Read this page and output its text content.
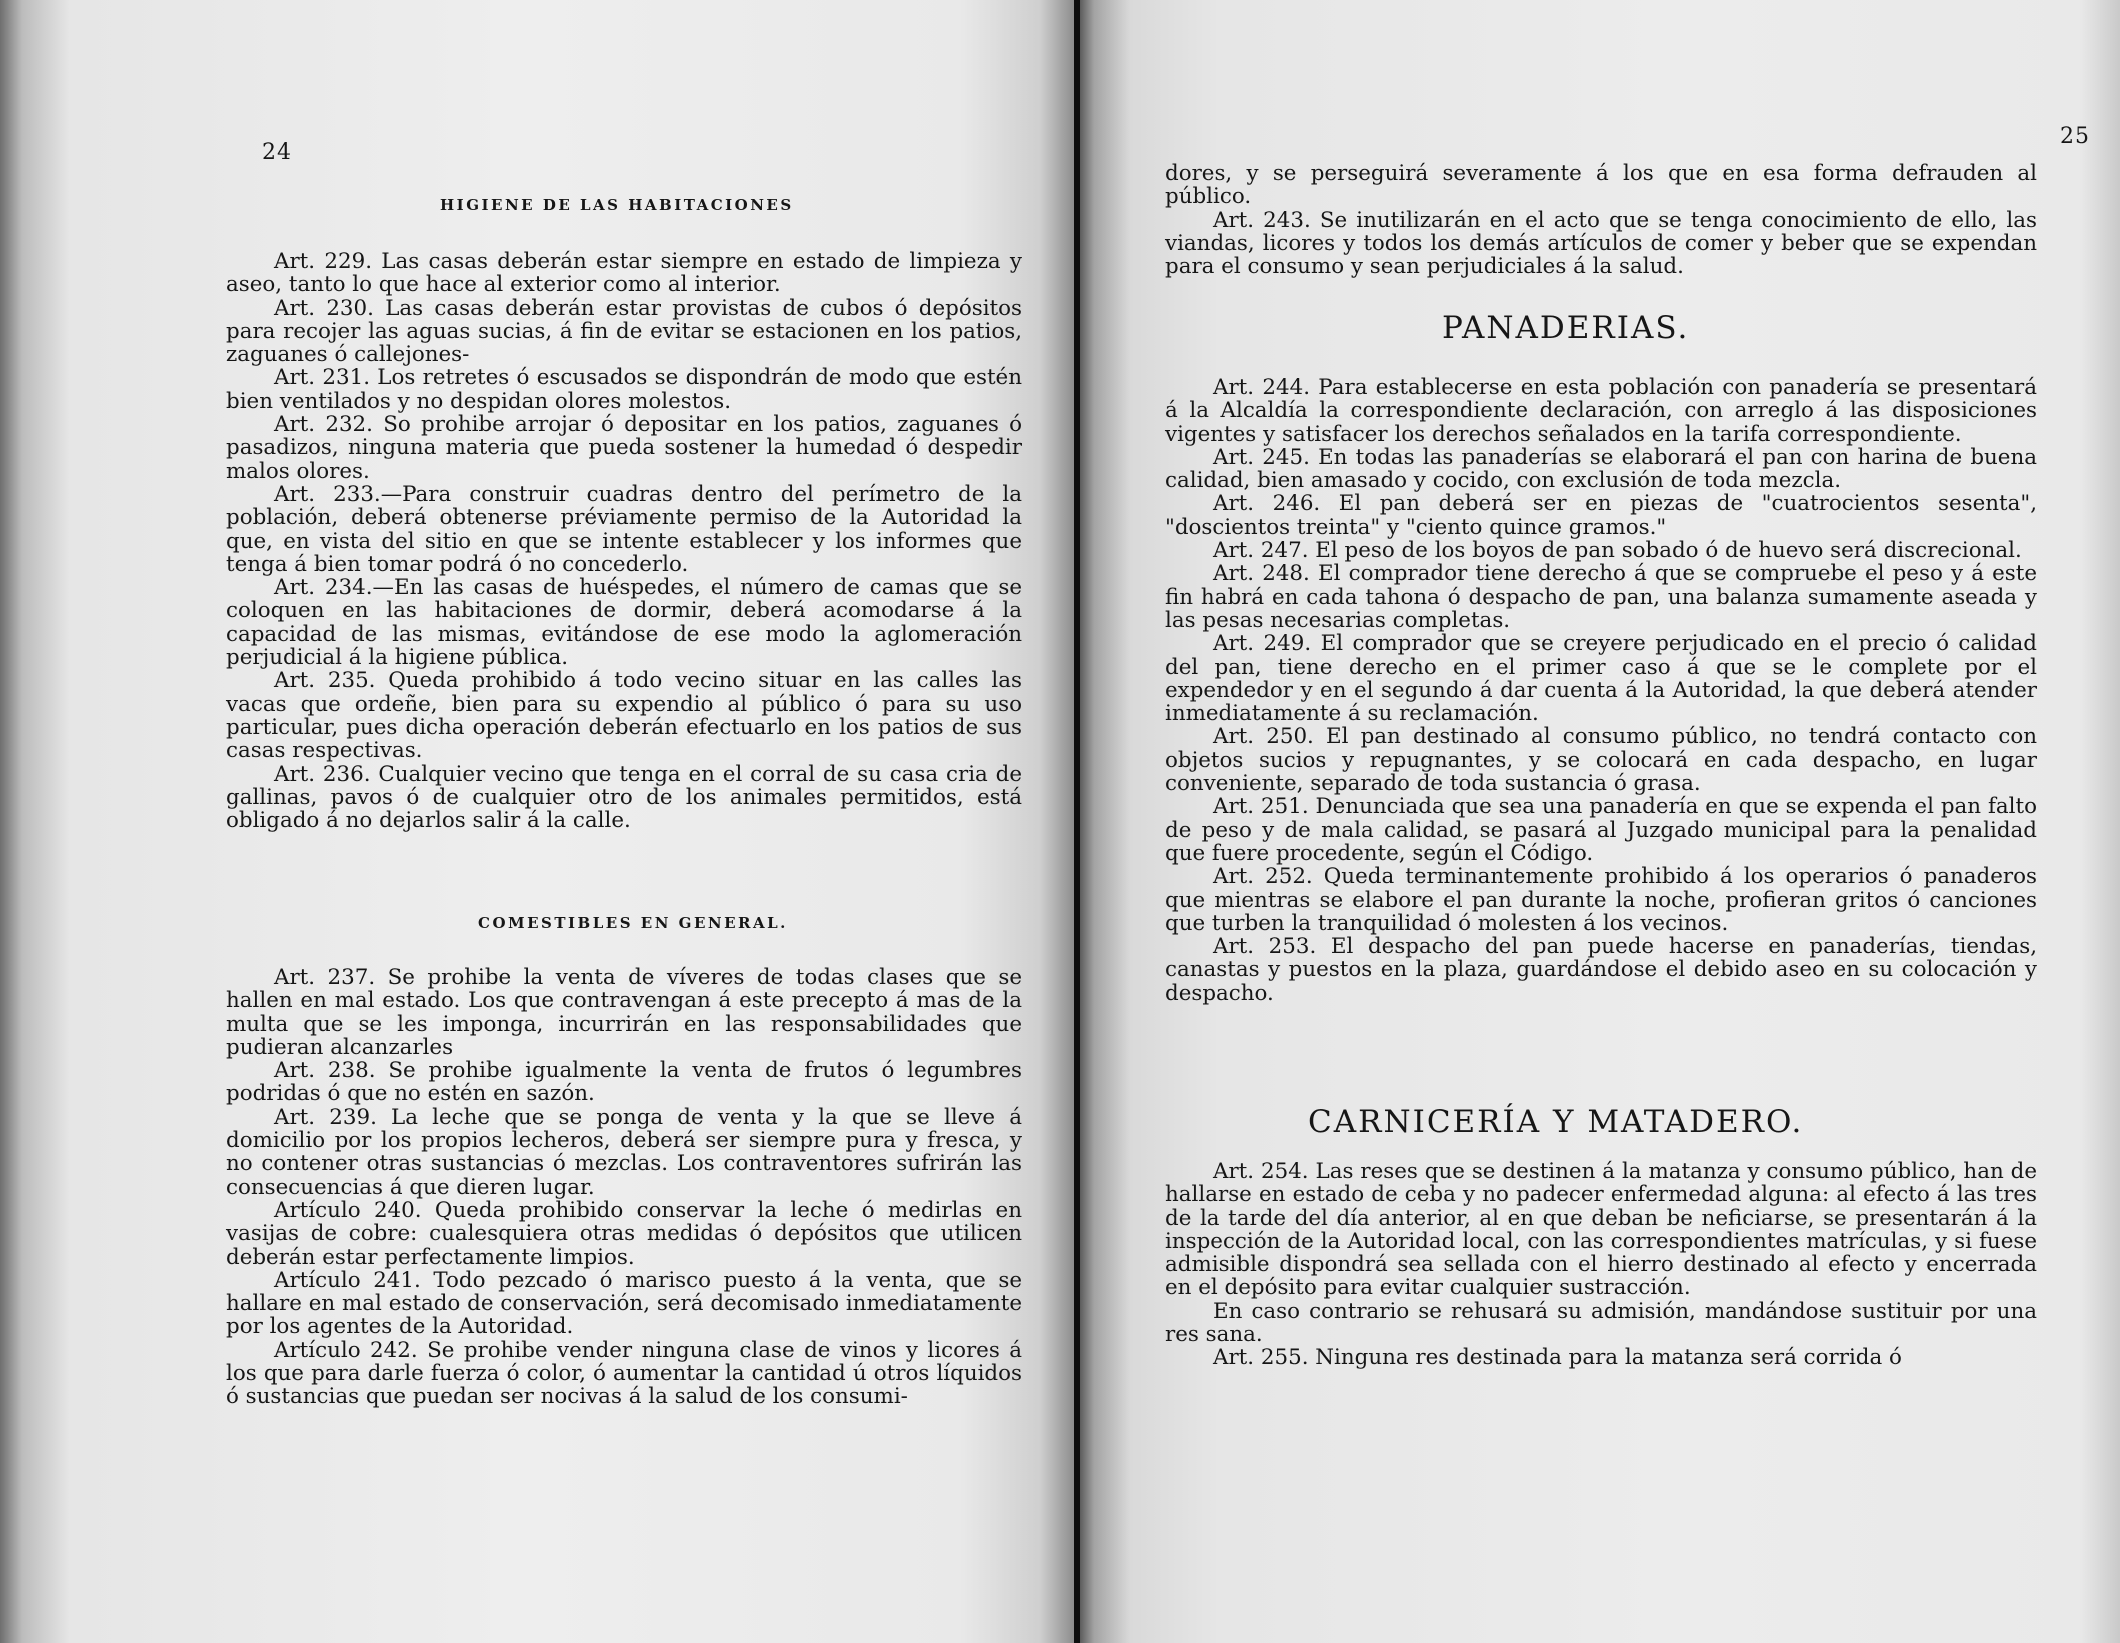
24
HIGIENE DE LAS HABITACIONES

Art. 229. Las casas deberán estar siempre en estado de limpieza y aseo, tanto lo que hace al exterior como al interior.

Art. 230. Las casas deberán estar provistas de cubos ó depósitos para recojer las aguas sucias, á fin de evitar se estacionen en los patios, zaguanes ó callejones-

Art. 231. Los retretes ó escusados se dispondrán de modo que estén bien ventilados y no despidan olores molestos.

Art. 232. So prohibe arrojar ó depositar en los patios, zaguanes ó pasadizos, ninguna materia que pueda sostener la humedad ó despedir malos olores.

Art. 233.—Para construir cuadras dentro del perímetro de la población, deberá obtenerse préviamente permiso de la Autoridad la que, en vista del sitio en que se intente establecer y los informes que tenga á bien tomar podrá ó no concederlo.

Art. 234.—En las casas de huéspedes, el número de camas que se coloquen en las habitaciones de dormir, deberá acomodarse á la capacidad de las mismas, evitándose de ese modo la aglomeración perjudicial á la higiene pública.

Art. 235. Queda prohibido á todo vecino situar en las calles las vacas que ordeñe, bien para su expendio al público ó para su uso particular, pues dicha operación deberán efectuarlo en los patios de sus casas respectivas.

Art. 236. Cualquier vecino que tenga en el corral de su casa cria de gallinas, pavos ó de cualquier otro de los animales permitidos, está obligado á no dejarlos salir á la calle.

COMESTIBLES EN GENERAL.

Art. 237. Se prohibe la venta de víveres de todas clases que se hallen en mal estado. Los que contravengan á este precepto á mas de la multa que se les imponga, incurrirán en las responsabilidades que pudieran alcanzarles

Art. 238. Se prohibe igualmente la venta de frutos ó legumbres podridas ó que no estén en sazón.

Art. 239. La leche que se ponga de venta y la que se lleve á domicilio por los propios lecheros, deberá ser siempre pura y fresca, y no contener otras sustancias ó mezclas. Los contraventores sufrirán las consecuencias á que dieren lugar.

Artículo 240. Queda prohibido conservar la leche ó medirlas en vasijas de cobre: cualesquiera otras medidas ó depósitos que utilicen deberán estar perfectamente limpios.

Artículo 241. Todo pezcado ó marisco puesto á la venta, que se hallare en mal estado de conservación, será decomisado inmediatamente por los agentes de la Autoridad.

Artículo 242. Se prohibe vender ninguna clase de vinos y licores á los que para darle fuerza ó color, ó aumentar la cantidad ú otros líquidos ó sustancias que puedan ser nocivas á la salud de los consumi-

25

dores, y se perseguirá severamente á los que en esa forma defrauden al público.

Art. 243. Se inutilizarán en el acto que se tenga conocimiento de ello, las viandas, licores y todos los demás artículos de comer y beber que se expendan para el consumo y sean perjudiciales á la salud.

PANADERIAS.

Art. 244. Para establecerse en esta población con panadería se presentará á la Alcaldía la correspondiente declaración, con arreglo á las disposiciones vigentes y satisfacer los derechos señalados en la tarifa correspondiente.

Art. 245. En todas las panaderías se elaborará el pan con harina de buena calidad, bien amasado y cocido, con exclusión de toda mezcla.

Art. 246. El pan deberá ser en piezas de "cuatrocientos sesenta", "doscientos treinta" y "ciento quince gramos."

Art. 247. El peso de los boyos de pan sobado ó de huevo será discrecional.

Art. 248. El comprador tiene derecho á que se compruebe el peso y á este fin habrá en cada tahona ó despacho de pan, una balanza sumamente aseada y las pesas necesarias completas.

Art. 249. El comprador que se creyere perjudicado en el precio ó calidad del pan, tiene derecho en el primer caso á que se le complete por el expendedor y en el segundo á dar cuenta á la Autoridad, la que deberá atender inmediatamente á su reclamación.

Art. 250. El pan destinado al consumo público, no tendrá contacto con objetos sucios y repugnantes, y se colocará en cada despacho, en lugar conveniente, separado de toda sustancia ó grasa.

Art. 251. Denunciada que sea una panadería en que se expenda el pan falto de peso y de mala calidad, se pasará al Juzgado municipal para la penalidad que fuere procedente, según el Código.

Art. 252. Queda terminantemente prohibido á los operarios ó panaderos que mientras se elabore el pan durante la noche, profieran gritos ó canciones que turben la tranquilidad ó molesten á los vecinos.

Art. 253. El despacho del pan puede hacerse en panaderías, tiendas, canastas y puestos en la plaza, guardándose el debido aseo en su colocación y despacho.

CARNICERÍA Y MATADERO.

Art. 254. Las reses que se destinen á la matanza y consumo público, han de hallarse en estado de ceba y no padecer enfermedad alguna: al efecto á las tres de la tarde del día anterior, al en que deban be neficiarse, se presentarán á la inspección de la Autoridad local, con las correspondientes matrículas, y si fuese admisible dispondrá sea sellada con el hierro destinado al efecto y encerrada en el depósito para evitar cualquier sustracción.

En caso contrario se rehusará su admisión, mandándose sustituir por una res sana.

Art. 255. Ninguna res destinada para la matanza será corrida ó
